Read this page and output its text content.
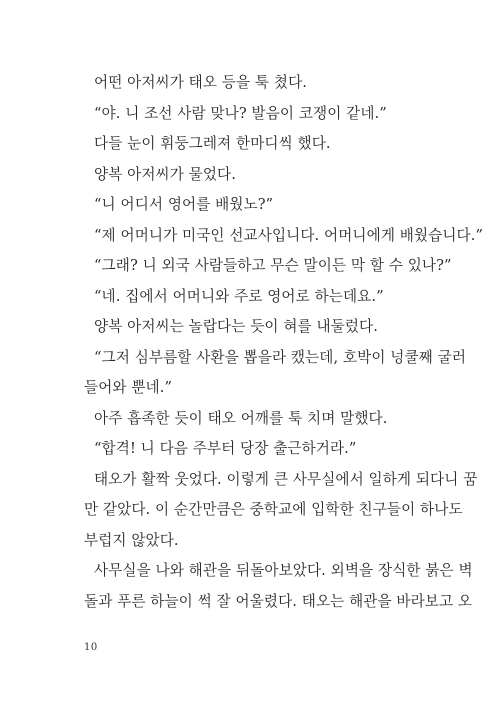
어떤 아저씨가 태오 등을 툭 쳤다.
“야. 니 조선 사람 맞나? 발음이 코쟁이 같네.”
다들 눈이 휘둥그레져 한마디씩 했다.
양복 아저씨가 물었다.
“니 어디서 영어를 배웠노?”
“제 어머니가 미국인 선교사입니다. 어머니에게 배웠습니다.”
“그래? 니 외국 사람들하고 무슨 말이든 막 할 수 있나?”
“네. 집에서 어머니와 주로 영어로 하는데요.”
양복 아저씨는 놀랍다는 듯이 혀를 내둘렀다.
“그저 심부름할 사환을 뽑을라 캤는데, 호박이 넝쿨째 굴러
들어와 뿐네.”
아주 흡족한 듯이 태오 어깨를 툭 치며 말했다.
“합격! 니 다음 주부터 당장 출근하거라.”
태오가 활짝 웃었다. 이렇게 큰 사무실에서 일하게 되다니 꿈
만 같았다. 이 순간만큼은 중학교에 입학한 친구들이 하나도
부럽지 않았다.
사무실을 나와 해관을 뒤돌아보았다. 외벽을 장식한 붉은 벽
돌과 푸른 하늘이 썩 잘 어울렸다. 태오는 해관을 바라보고 오
10
